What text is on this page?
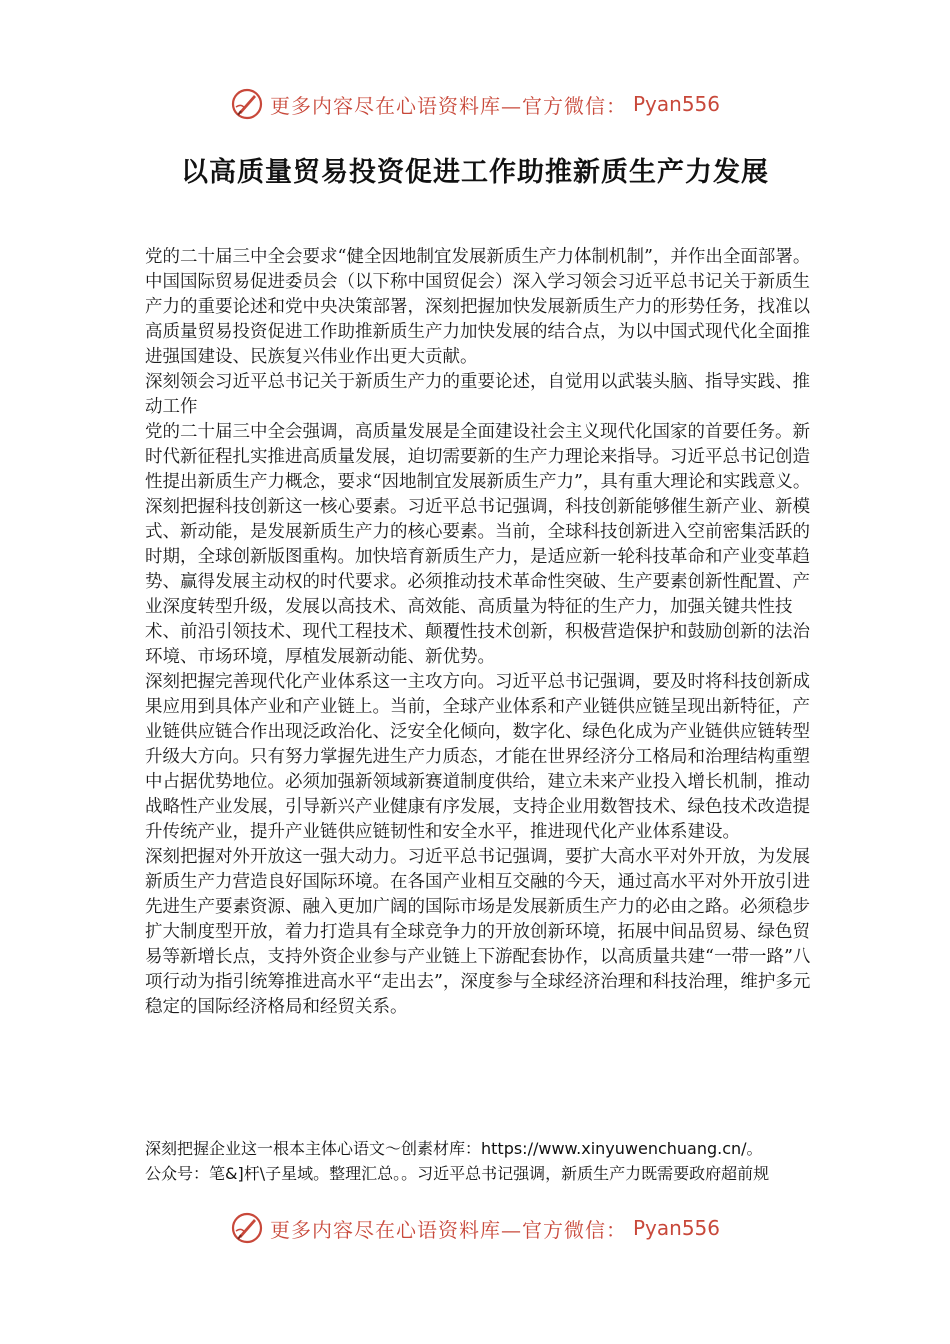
更多内容尽在心语资料库—官方微信： Pyan556
以高质量贸易投资促进工作助推新质生产力发展

党的二十届三中全会要求“健全因地制宜发展新质生产力体制机制”，并作出全面部署。中国国际贸易促进委员会（以下称中国贸促会）深入学习领会习近平总书记关于新质生产力的重要论述和党中央决策部署，深刻把握加快发展新质生产力的形势任务，找准以高质量贸易投资促进工作助推新质生产力加快发展的结合点，为以中国式现代化全面推进强国建设、民族复兴伟业作出更大贡献。

深刻领会习近平总书记关于新质生产力的重要论述，自觉用以武装头脑、指导实践、推动工作

党的二十届三中全会强调，高质量发展是全面建设社会主义现代化国家的首要任务。新时代新征程扎实推进高质量发展，迫切需要新的生产力理论来指导。习近平总书记创造性提出新质生产力概念，要求“因地制宜发展新质生产力”，具有重大理论和实践意义。

深刻把握科技创新这一核心要素。习近平总书记强调，科技创新能够催生新产业、新模式、新动能，是发展新质生产力的核心要素。当前，全球科技创新进入空前密集活跃的时期，全球创新版图重构。加快培育新质生产力，是适应新一轮科技革命和产业变革趋势、赢得发展主动权的时代要求。必须推动技术革命性突破、生产要素创新性配置、产业深度转型升级，发展以高技术、高效能、高质量为特征的生产力，加强关键共性技术、前沿引领技术、现代工程技术、颠覆性技术创新，积极营造保护和鼓励创新的法治环境、市场环境，厚植发展新动能、新优势。

深刻把握完善现代化产业体系这一主攻方向。习近平总书记强调，要及时将科技创新成果应用到具体产业和产业链上。当前，全球产业体系和产业链供应链呈现出新特征，产业链供应链合作出现泛政治化、泛安全化倾向，数字化、绿色化成为产业链供应链转型升级大方向。只有努力掌握先进生产力质态，才能在世界经济分工格局和治理结构重塑中占据优势地位。必须加强新领域新赛道制度供给，建立未来产业投入增长机制，推动战略性产业发展，引导新兴产业健康有序发展，支持企业用数智技术、绿色技术改造提升传统产业，提升产业链供应链韧性和安全水平，推进现代化产业体系建设。

深刻把握对外开放这一强大动力。习近平总书记强调，要扩大高水平对外开放，为发展新质生产力营造良好国际环境。在各国产业相互交融的今天，通过高水平对外开放引进先进生产要素资源、融入更加广阔的国际市场是发展新质生产力的必由之路。必须稳步扩大制度型开放，着力打造具有全球竞争力的开放创新环境，拓展中间品贸易、绿色贸易等新增长点，支持外资企业参与产业链上下游配套协作，以高质量共建“一带一路”八项行动为指引统筹推进高水平“走出去”，深度参与全球经济治理和科技治理，维护多元稳定的国际经济格局和经贸关系。

深刻把握企业这一根本主体心语文～创素材库：https://www.xinyuwenchuang.cn/。
公众号：笔&]杆\子星域。整理汇总。。习近平总书记强调，新质生产力既需要政府超前规
更多内容尽在心语资料库—官方微信： Pyan556
